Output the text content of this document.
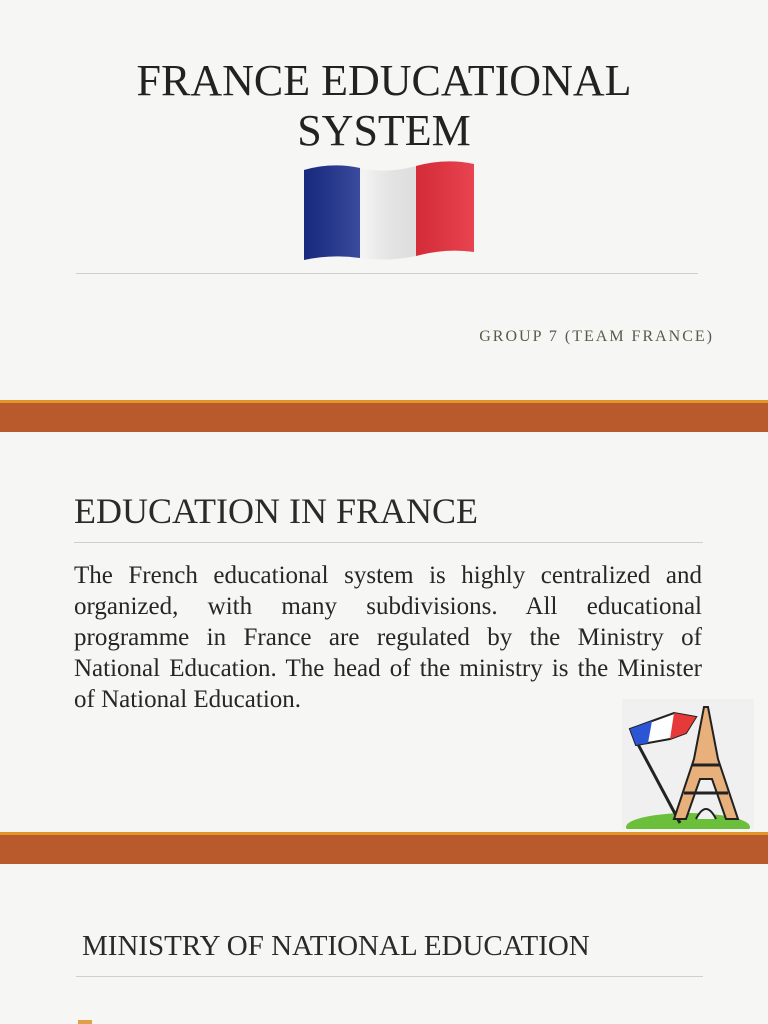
FRANCE EDUCATIONAL SYSTEM
GROUP 7 (TEAM FRANCE)
EDUCATION IN FRANCE
The French educational system is highly centralized and organized, with many subdivisions. All educational programme in France are regulated by the Ministry of National Education. The head of the ministry is the Minister of National Education.
MINISTRY OF NATIONAL EDUCATION
